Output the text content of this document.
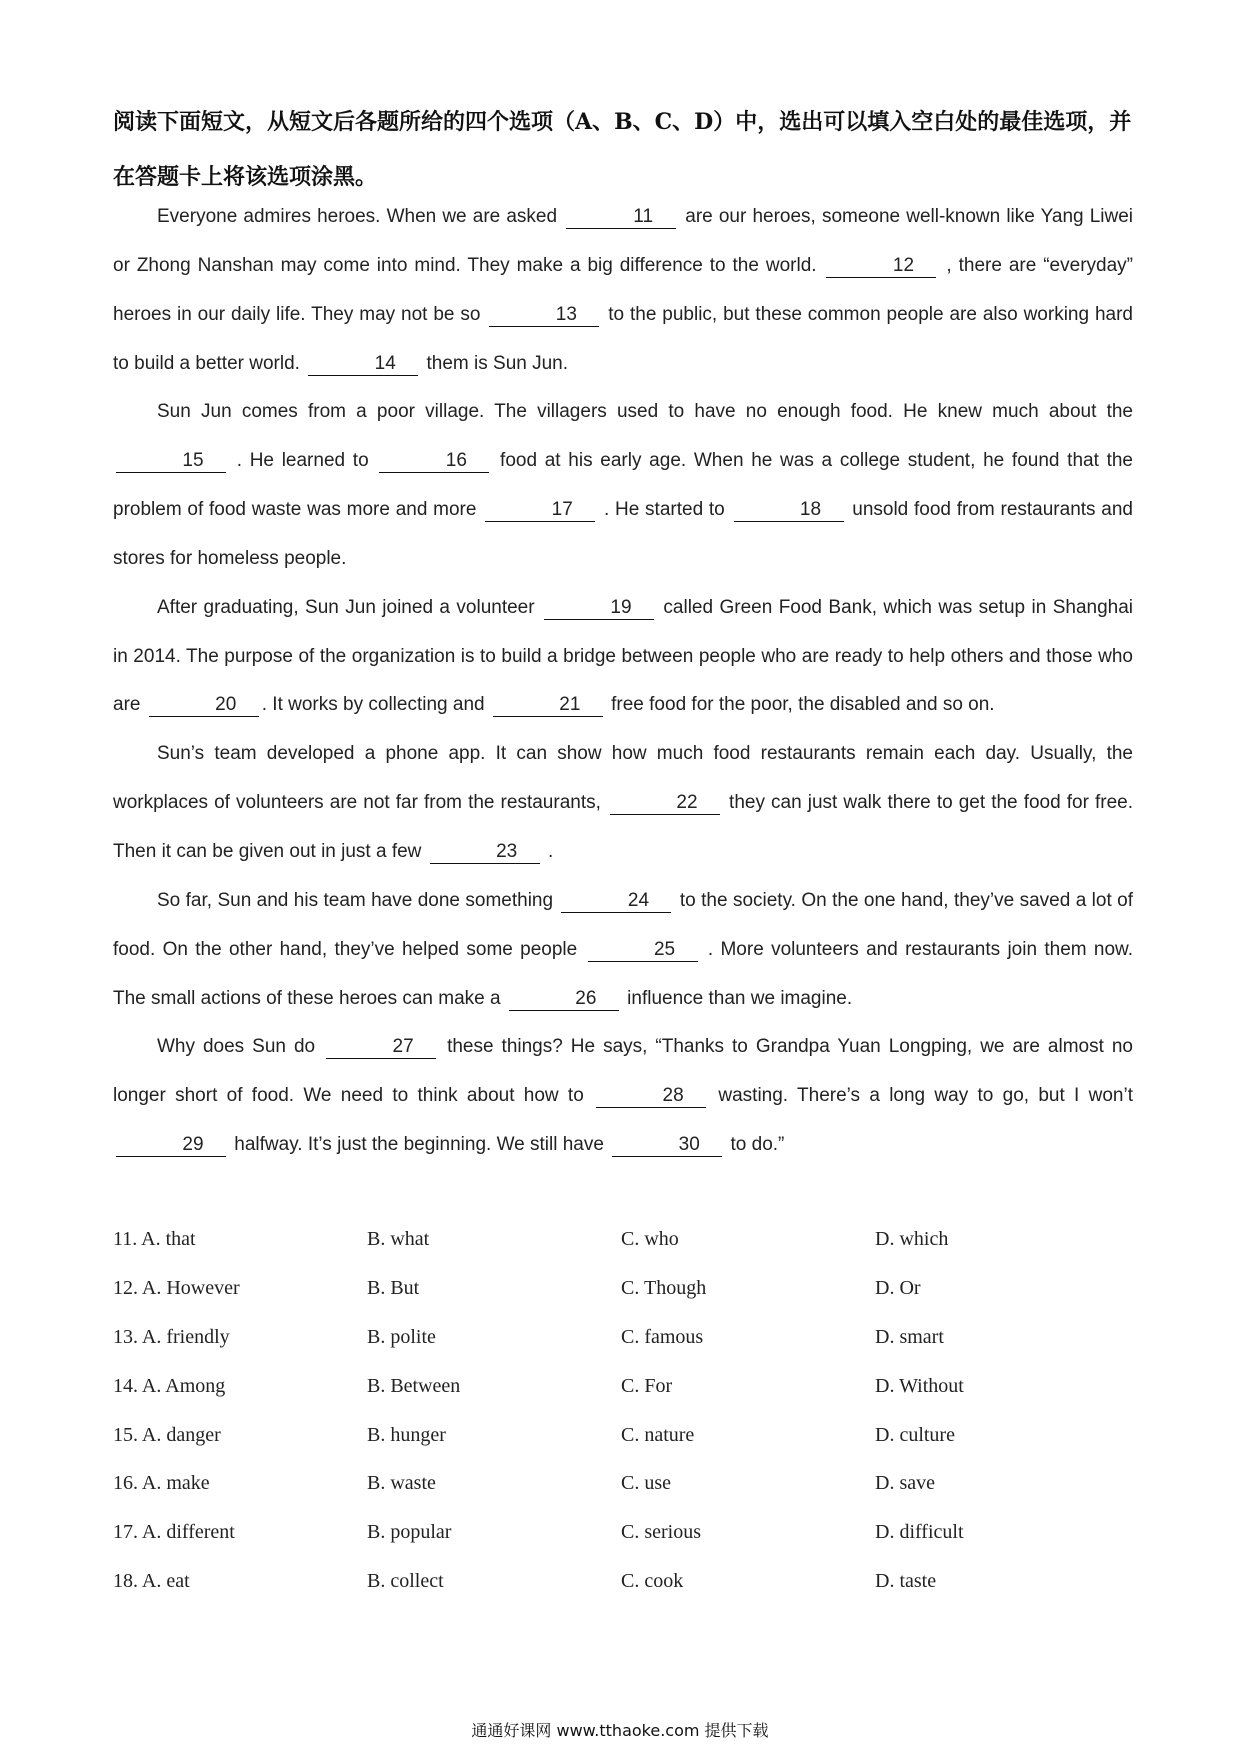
阅读下面短文，从短文后各题所给的四个选项（A、B、C、D）中，选出可以填入空白处的最佳选项，并在答题卡上将该选项涂黑。

Everyone admires heroes. When we are asked	11 are our heroes, someone well-known like Yang Liwei or Zhong Nanshan may come into mind. They make a big difference to the world.	12 , there are “everyday” heroes in our daily life. They may not be so	13 to the public, but these common people are also working hard to build a better world.	14 them is Sun Jun.

Sun Jun comes from a poor village. The villagers used to have no enough food. He knew much about the 15 . He learned to	16 food at his early age. When he was a college student, he found that the problem of food waste was more and more	17 . He started to	18 unsold food from restaurants and stores for homeless people.

After graduating, Sun Jun joined a volunteer	19 called Green Food Bank, which was setup in Shanghai in 2014. The purpose of the organization is to build a bridge between people who are ready to help others and those who are	20 . It works by collecting and	21 free food for the poor, the disabled and so on.

Sun’s team developed a phone app. It can show how much food restaurants remain each day. Usually, the workplaces of volunteers are not far from the restaurants,	22 they can just walk there to get the food for free. Then it can be given out in just a few	23 .

So far, Sun and his team have done something	24 to the society. On the one hand, they’ve saved a lot of food. On the other hand, they’ve helped some people	25 . More volunteers and restaurants join them now. The small actions of these heroes can make a	26 influence than we imagine.

Why does Sun do	27 these things? He says, “Thanks to Grandpa Yuan Longping, we are almost no longer short of food. We need to think about how to	28 wasting. There’s a long way to go, but I won’t 29 halfway. It’s just the beginning. We still have	30 to do.”

11. A. that	B. what	C. who	D. which
12. A. However	B. But	C. Though	D. Or
13. A. friendly	B. polite	C. famous	D. smart
14. A. Among	B. Between	C. For	D. Without
15. A. danger	B. hunger	C. nature	D. culture
16. A. make	B. waste	C. use	D. save
17. A. different	B. popular	C. serious	D. difficult
18. A. eat	B. collect	C. cook	D. taste
通通好课网 www.tthaoke.com 提供下载
